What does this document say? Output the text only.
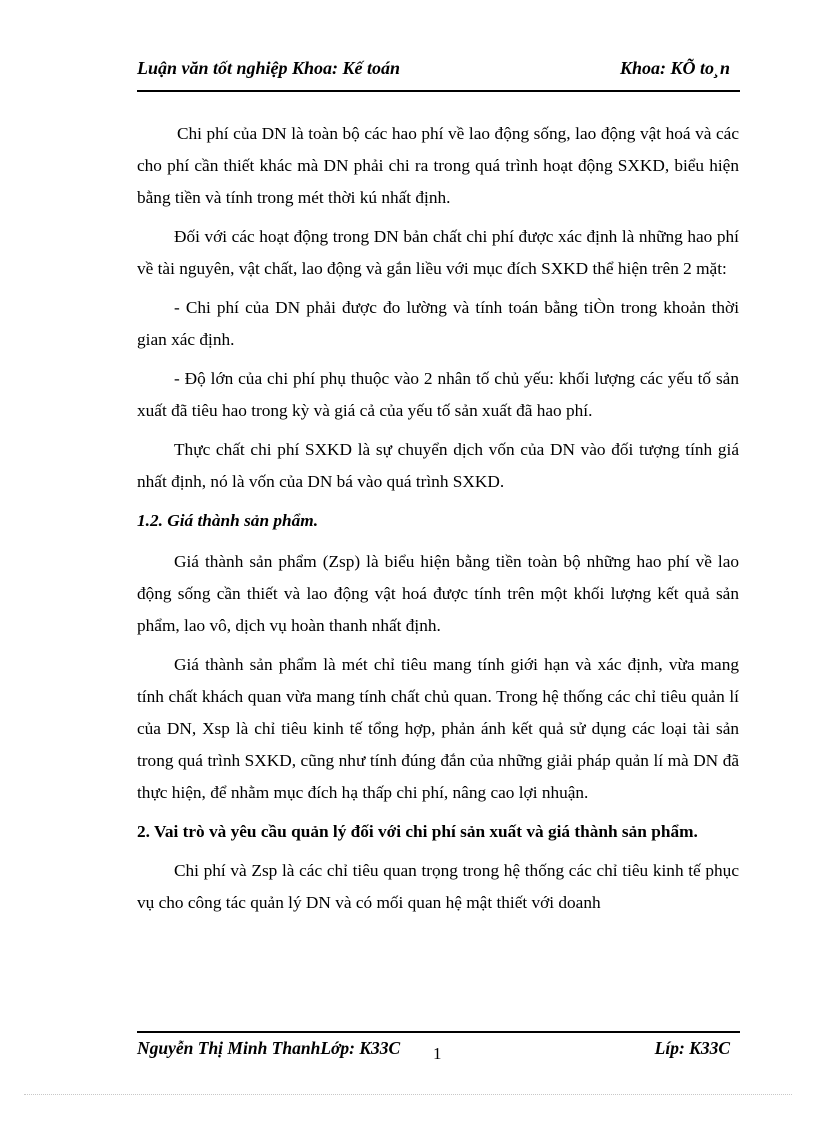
Luận văn tốt nghiệp Khoa: Kế toán	Khoa: KÕ to¸n

Chi phí của DN là toàn bộ các hao phí về lao động sống, lao động vật hoá và các cho phí cần thiết khác mà DN phải chi ra trong quá trình hoạt động SXKD, biểu hiện bằng tiền và tính trong mét thời kú nhất định.

Đối với các hoạt động trong DN bản chất chi phí được xác định là những hao phí về tài nguyên, vật chất, lao động và gắn liều với mục đích SXKD thể hiện trên 2 mặt:

- Chi phí của DN phải được đo lường và tính toán bằng tiÒn trong khoản thời gian xác định.

- Độ lớn của chi phí phụ thuộc vào 2 nhân tố chủ yếu: khối lượng các yếu tố sản xuất đã tiêu hao trong kỳ và giá cả của yếu tố sản xuất đã hao phí.

Thực chất chi phí SXKD là sự chuyển dịch vốn của DN vào đối tượng tính giá nhất định, nó là vốn của DN bá vào quá trình SXKD.

1.2. Giá thành sản phẩm.

Giá thành sản phẩm (Zsp) là biểu hiện bằng tiền toàn bộ những hao phí về lao động sống cần thiết và lao động vật hoá được tính trên một khối lượng kết quả sản phẩm, lao vô, dịch vụ hoàn thanh nhất định.

Giá thành sản phẩm là mét chỉ tiêu mang tính giới hạn và xác định, vừa mang tính chất khách quan vừa mang tính chất chủ quan. Trong hệ thống các chỉ tiêu quản lí của DN, Xsp là chỉ tiêu kinh tế tổng hợp, phản ánh kết quả sử dụng các loại tài sản trong quá trình SXKD, cũng như tính đúng đắn của những giải pháp quản lí mà DN đã thực hiện, để nhằm mục đích hạ thấp chi phí, nâng cao lợi nhuận.

2. Vai trò và yêu cầu quản lý đối với chi phí sản xuất và giá thành sản phẩm.

Chi phí và Zsp là các chỉ tiêu quan trọng trong hệ thống các chỉ tiêu kinh tế phục vụ cho công tác quản lý DN và có mối quan hệ mật thiết với doanh

Nguyễn Thị Minh ThanhLớp: K33C 1	Líp: K33C
